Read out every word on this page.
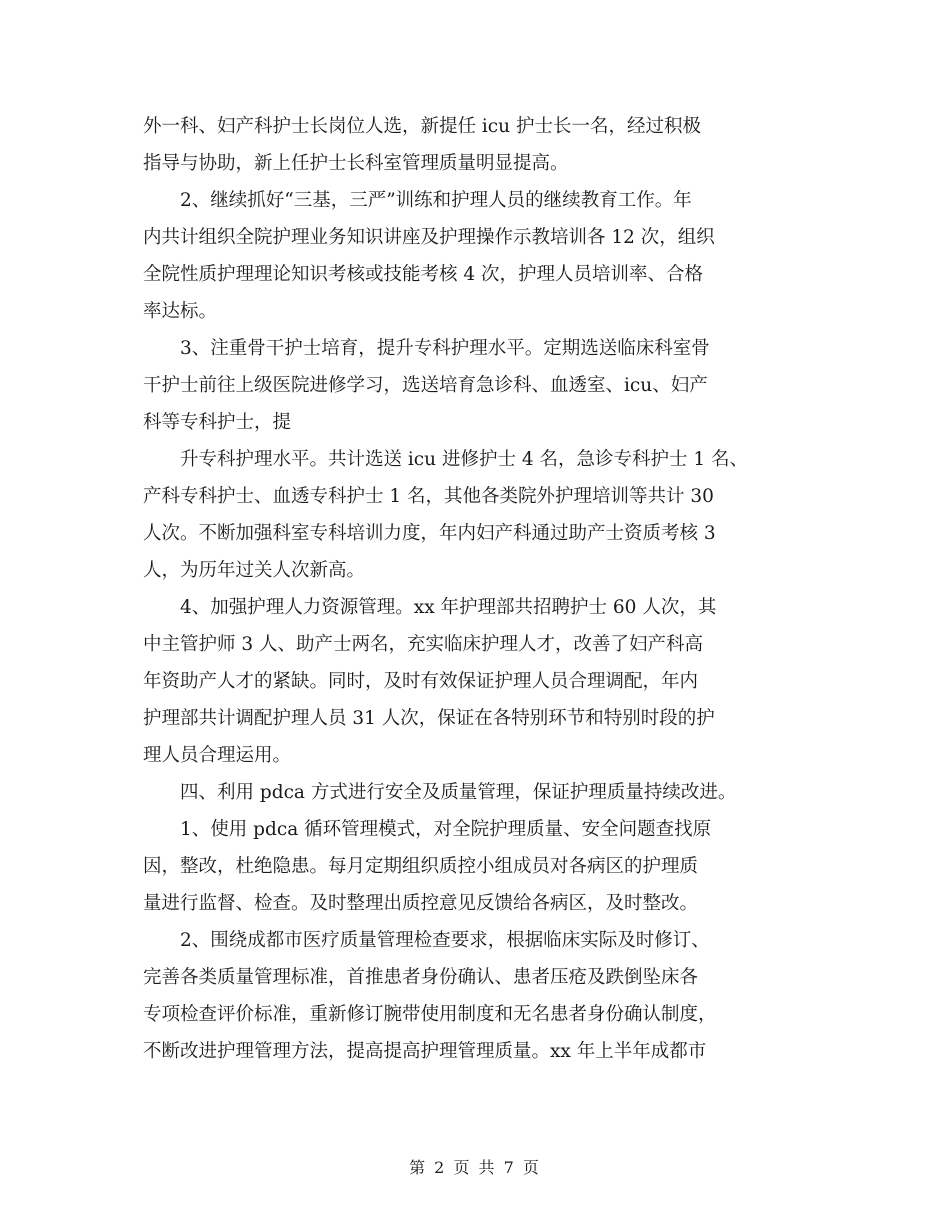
外一科、妇产科护士长岗位人选，新提任 icu 护士长一名，经过积极
指导与协助，新上任护士长科室管理质量明显提高。
2、继续抓好“三基，三严”训练和护理人员的继续教育工作。年
内共计组织全院护理业务知识讲座及护理操作示教培训各 12 次，组织
全院性质护理理论知识考核或技能考核 4 次，护理人员培训率、合格
率达标。
3、注重骨干护士培育，提升专科护理水平。定期选送临床科室骨
干护士前往上级医院进修学习，选送培育急诊科、血透室、icu、妇产
科等专科护士，提
升专科护理水平。共计选送 icu 进修护士 4 名，急诊专科护士 1 名、
产科专科护士、血透专科护士 1 名，其他各类院外护理培训等共计 30
人次。不断加强科室专科培训力度，年内妇产科通过助产士资质考核 3
人，为历年过关人次新高。
4、加强护理人力资源管理。xx 年护理部共招聘护士 60 人次，其
中主管护师 3 人、助产士两名，充实临床护理人才，改善了妇产科高
年资助产人才的紧缺。同时，及时有效保证护理人员合理调配，年内
护理部共计调配护理人员 31 人次，保证在各特别环节和特别时段的护
理人员合理运用。
四、利用 pdca 方式进行安全及质量管理，保证护理质量持续改进。
1、使用 pdca 循环管理模式，对全院护理质量、安全问题查找原
因，整改，杜绝隐患。每月定期组织质控小组成员对各病区的护理质
量进行监督、检查。及时整理出质控意见反馈给各病区，及时整改。
2、围绕成都市医疗质量管理检查要求，根据临床实际及时修订、
完善各类质量管理标准，首推患者身份确认、患者压疮及跌倒坠床各
专项检查评价标准，重新修订腕带使用制度和无名患者身份确认制度，
不断改进护理管理方法，提高提高护理管理质量。xx 年上半年成都市
第 2 页 共 7 页
